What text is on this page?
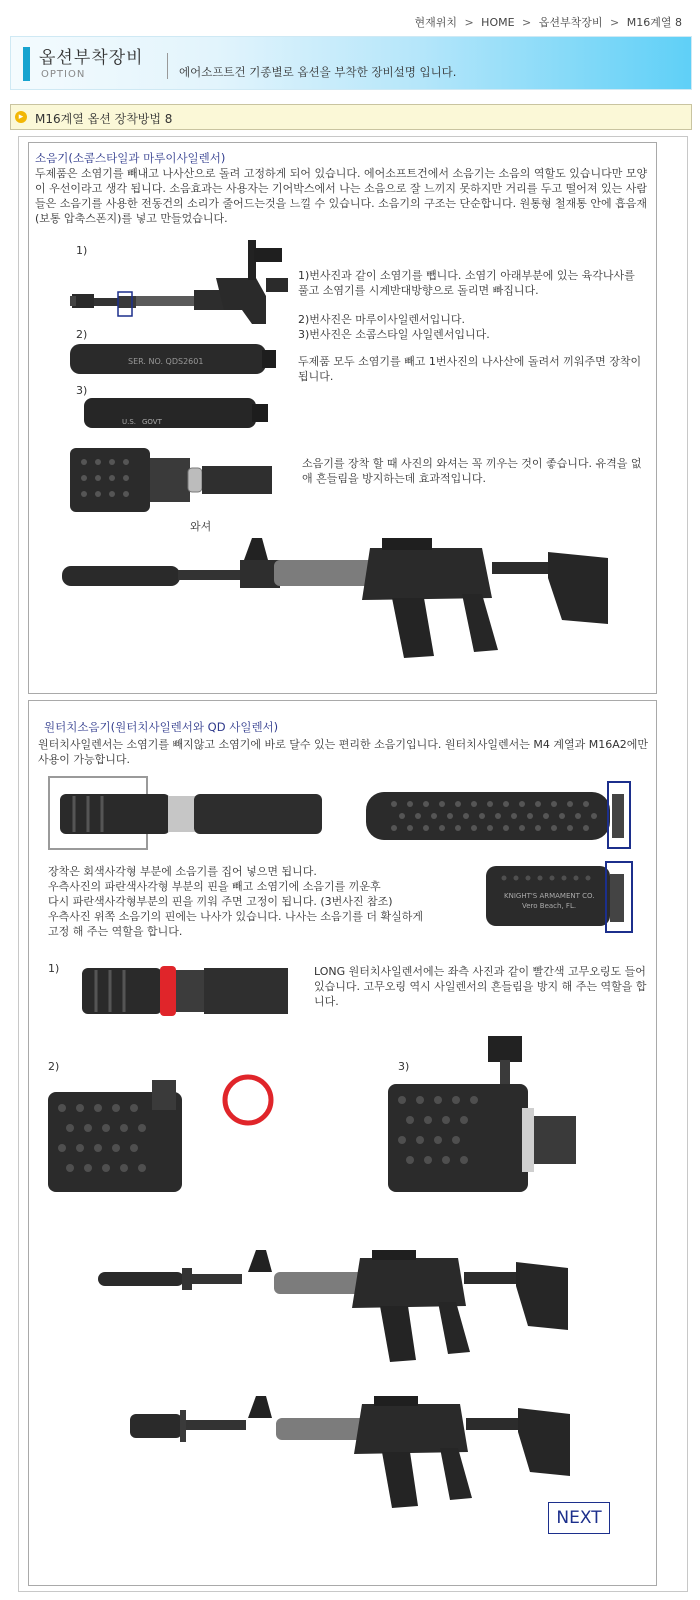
현재위치 > HOME > 옵션부착장비 > M16계열 8
옵션부착장비
OPTION	에어소프트건 기종별로 옵션을 부착한 장비설명 입니다.
▸ M16계열 옵션 장착방법 8
소음기(소콤스타일과 마루이사일렌서)
두제품은 소염기를 빼내고 나사산으로 돌려 고정하게 되어 있습니다. 에어소프트건에서 소음기는 소음의 역할도 있습니다만 모양이 우선이라고 생각 됩니다. 소음효과는 사용자는 기어박스에서 나는 소음으로 잘 느끼지 못하지만 거리를 두고 떨어져 있는 사람들은 소음기를 사용한 전동건의 소리가 줄어드는것을 느낄 수 있습니다. 소음기의 구조는 단순합니다. 원통형 철재통 안에 흡음재(보통 압축스폰지)를 넣고 만들었습니다.
1)
1)번사진과 같이 소염기를 뺍니다. 소염기 아래부분에 있는 육각나사를 풀고 소염기를 시계반대방향으로 돌리면 빠집니다.
2)번사진은 마루이사일렌서입니다.
3)번사진은 소콤스타일 사일렌서입니다.
두제품 모두 소염기를 빼고 1번사진의 나사산에 돌려서 끼워주면 장착이 됩니다.
2)
SER. NO. QDS2601
3)
U.S. GOVT
와셔
소음기를 장착 할 때 사진의 와셔는 꼭 끼우는 것이 좋습니다. 유격을 없애 흔들림을 방지하는데 효과적입니다.
원터치소음기(원터치사일렌서와 QD 사일렌서)
원터치사일렌서는 소염기를 빼지않고 소염기에 바로 달수 있는 편리한 소음기입니다. 원터치사일렌서는 M4 계열과 M16A2에만 사용이 가능합니다.
장착은 회색사각형 부분에 소음기를 집어 넣으면 됩니다.
우측사진의 파란색사각형 부분의 핀을 빼고 소염기에 소음기를 끼운후
다시 파란색사각형부분의 핀을 끼워 주면 고정이 됩니다. (3번사진 참조)
우측사진 위쪽 소음기의 핀에는 나사가 있습니다. 나사는 소음기를 더 확실하게
고정 해 주는 역할을 합니다.
KNIGHT'S ARMAMENT CO.
Vero Beach, FL.
1)	LONG 원터치사일렌서에는 좌측 사진과 같이 빨간색 고무오링도 들어 있습니다. 고무오링 역시 사일렌서의 흔들림을 방지 해 주는 역할을 합니다.
2)	3)
NEXT
